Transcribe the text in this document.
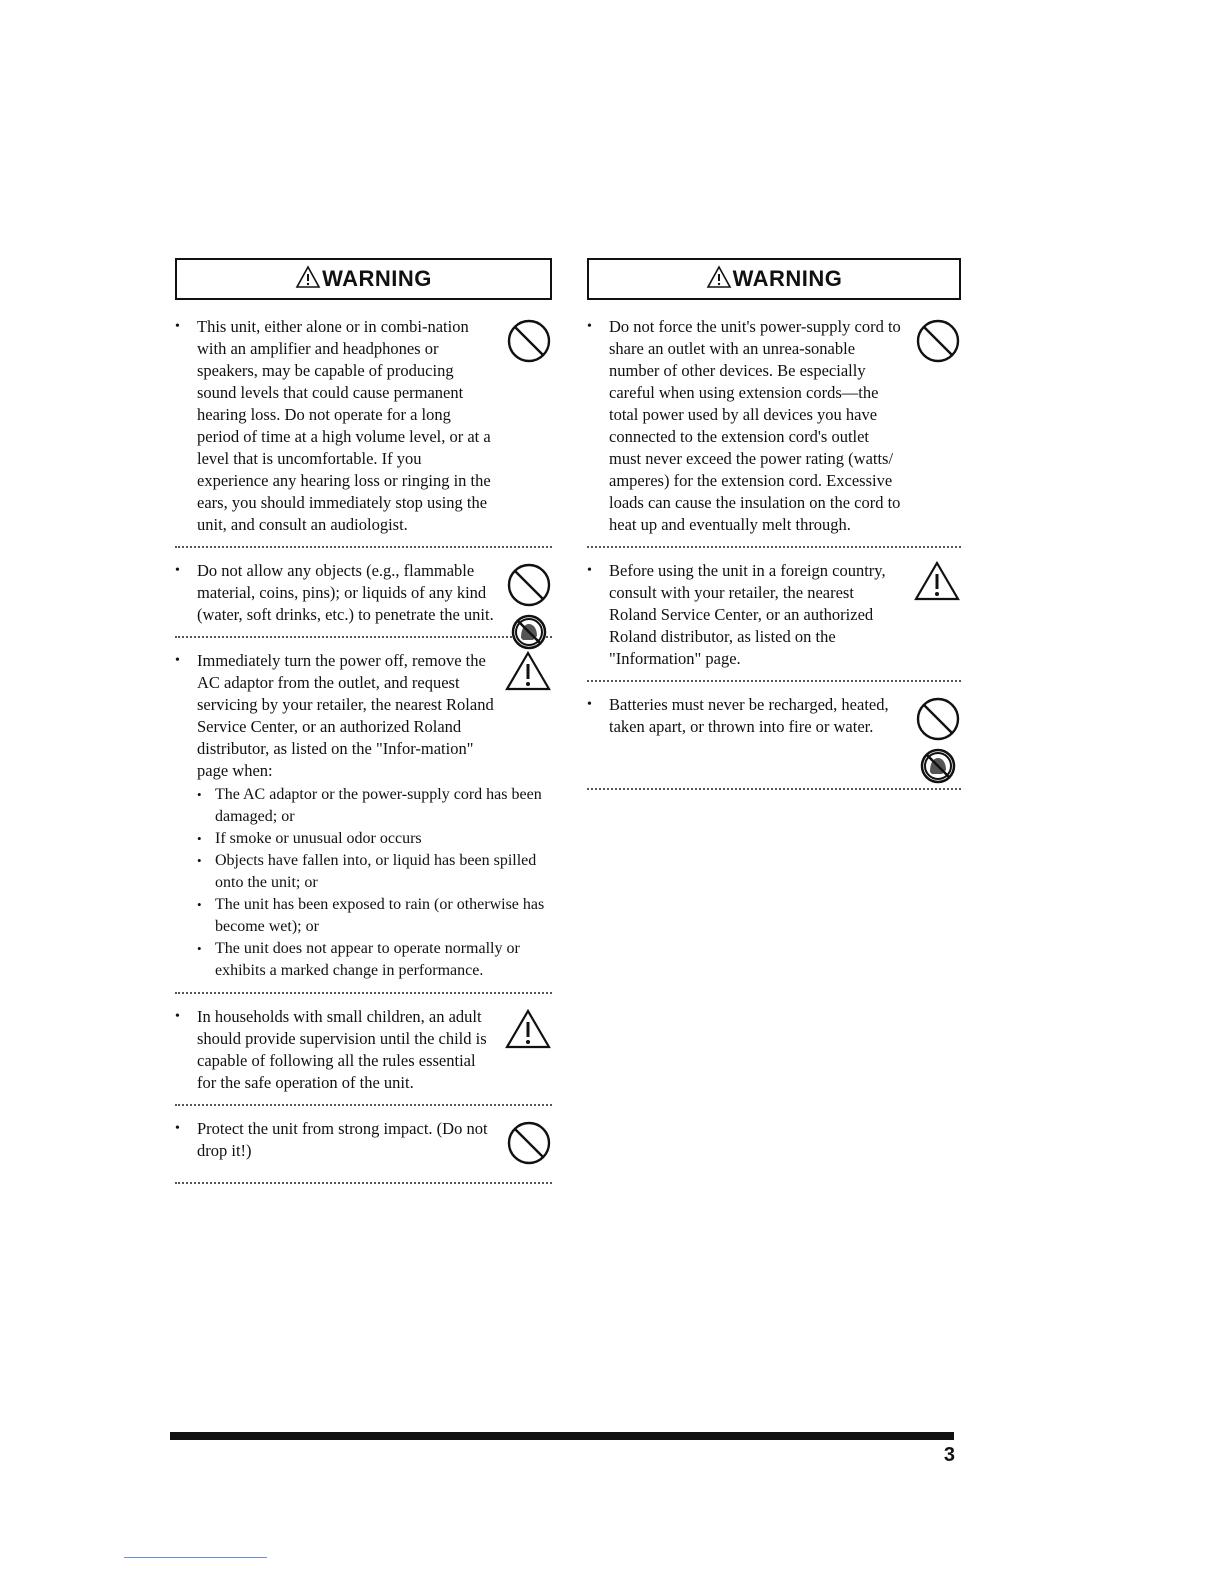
WARNING
•	This unit, either alone or in combi-nation with an amplifier and headphones or speakers, may be capable of producing sound levels that could cause permanent hearing loss. Do not operate for a long period of time at a high volume level, or at a level that is uncomfortable. If you experience any hearing loss or ringing in the ears, you should immediately stop using the unit, and consult an audiologist.
•	Do not allow any objects (e.g., flammable material, coins, pins); or liquids of any kind (water, soft drinks, etc.) to penetrate the unit.
•	Immediately turn the power off, remove the AC adaptor from the outlet, and request servicing by your retailer, the nearest Roland Service Center, or an authorized Roland distributor, as listed on the "Infor-mation" page when:
• The AC adaptor or the power-supply cord has been damaged; or
• If smoke or unusual odor occurs
• Objects have fallen into, or liquid has been spilled onto the unit; or
• The unit has been exposed to rain (or otherwise has become wet); or
• The unit does not appear to operate normally or exhibits a marked change in performance.
•	In households with small children, an adult should provide supervision until the child is capable of following all the rules essential for the safe operation of the unit.
•	Protect the unit from strong impact. (Do not drop it!)
WARNING
•	Do not force the unit's power-supply cord to share an outlet with an unrea-sonable number of other devices. Be especially careful when using extension cords—the total power used by all devices you have connected to the extension cord's outlet must never exceed the power rating (watts/ amperes) for the extension cord. Excessive loads can cause the insulation on the cord to heat up and eventually melt through.
•	Before using the unit in a foreign country, consult with your retailer, the nearest Roland Service Center, or an authorized Roland distributor, as listed on the "Information" page.
•	Batteries must never be recharged, heated, taken apart, or thrown into fire or water.
3
